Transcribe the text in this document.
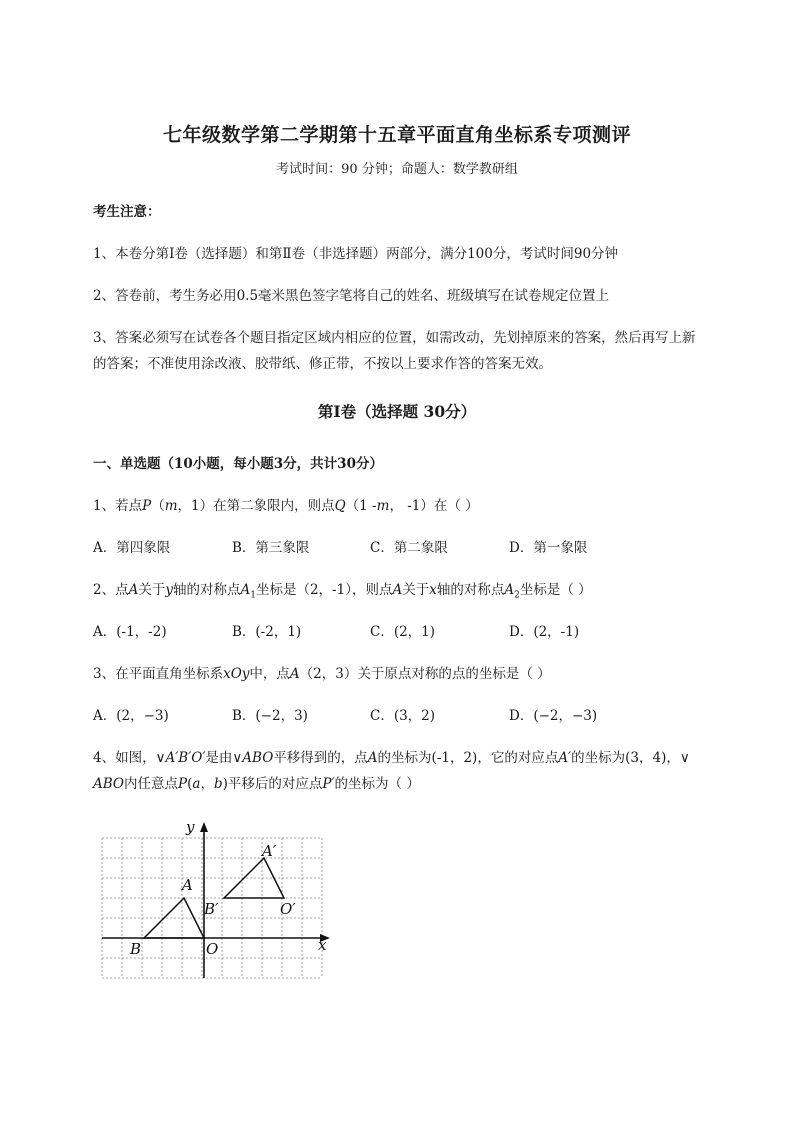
七年级数学第二学期第十五章平面直角坐标系专项测评
考试时间：90 分钟；命题人：数学教研组
考生注意：
1、本卷分第Ⅰ卷（选择题）和第Ⅱ卷（非选择题）两部分，满分100分，考试时间90分钟
2、答卷前，考生务必用0.5毫米黑色签字笔将自己的姓名、班级填写在试卷规定位置上
3、答案必须写在试卷各个题目指定区域内相应的位置，如需改动，先划掉原来的答案，然后再写上新
的答案；不准使用涂改液、胶带纸、修正带，不按以上要求作答的答案无效。
第Ⅰ卷（选择题 30分）
一、单选题（10小题，每小题3分，共计30分）
1、若点P（m，1）在第二象限内，则点Q（1 -m， -1）在（ ）
A．第四象限	B．第三象限	C．第二象限	D．第一象限
2、点A关于y轴的对称点$A_1$坐标是（2，-1），则点A关于x轴的对称点$A_2$坐标是（ ）
A．(-1，-2)	B．(-2，1)	C．(2，1)	D．(2，-1)
3、在平面直角坐标系xOy中，点A（2，3）关于原点对称的点的坐标是（ ）
A．(2，−3)	B．(−2，3)	C．(3，2)	D．(−2，−3)
4、如图，∨A′B′O′是由∨ABO平移得到的，点A的坐标为(-1，2)，它的对应点A′的坐标为(3，4)，∨
ABO内任意点P(a，b)平移后的对应点P′的坐标为（ ）
A
B	O
A′
B′	O′
x
y
